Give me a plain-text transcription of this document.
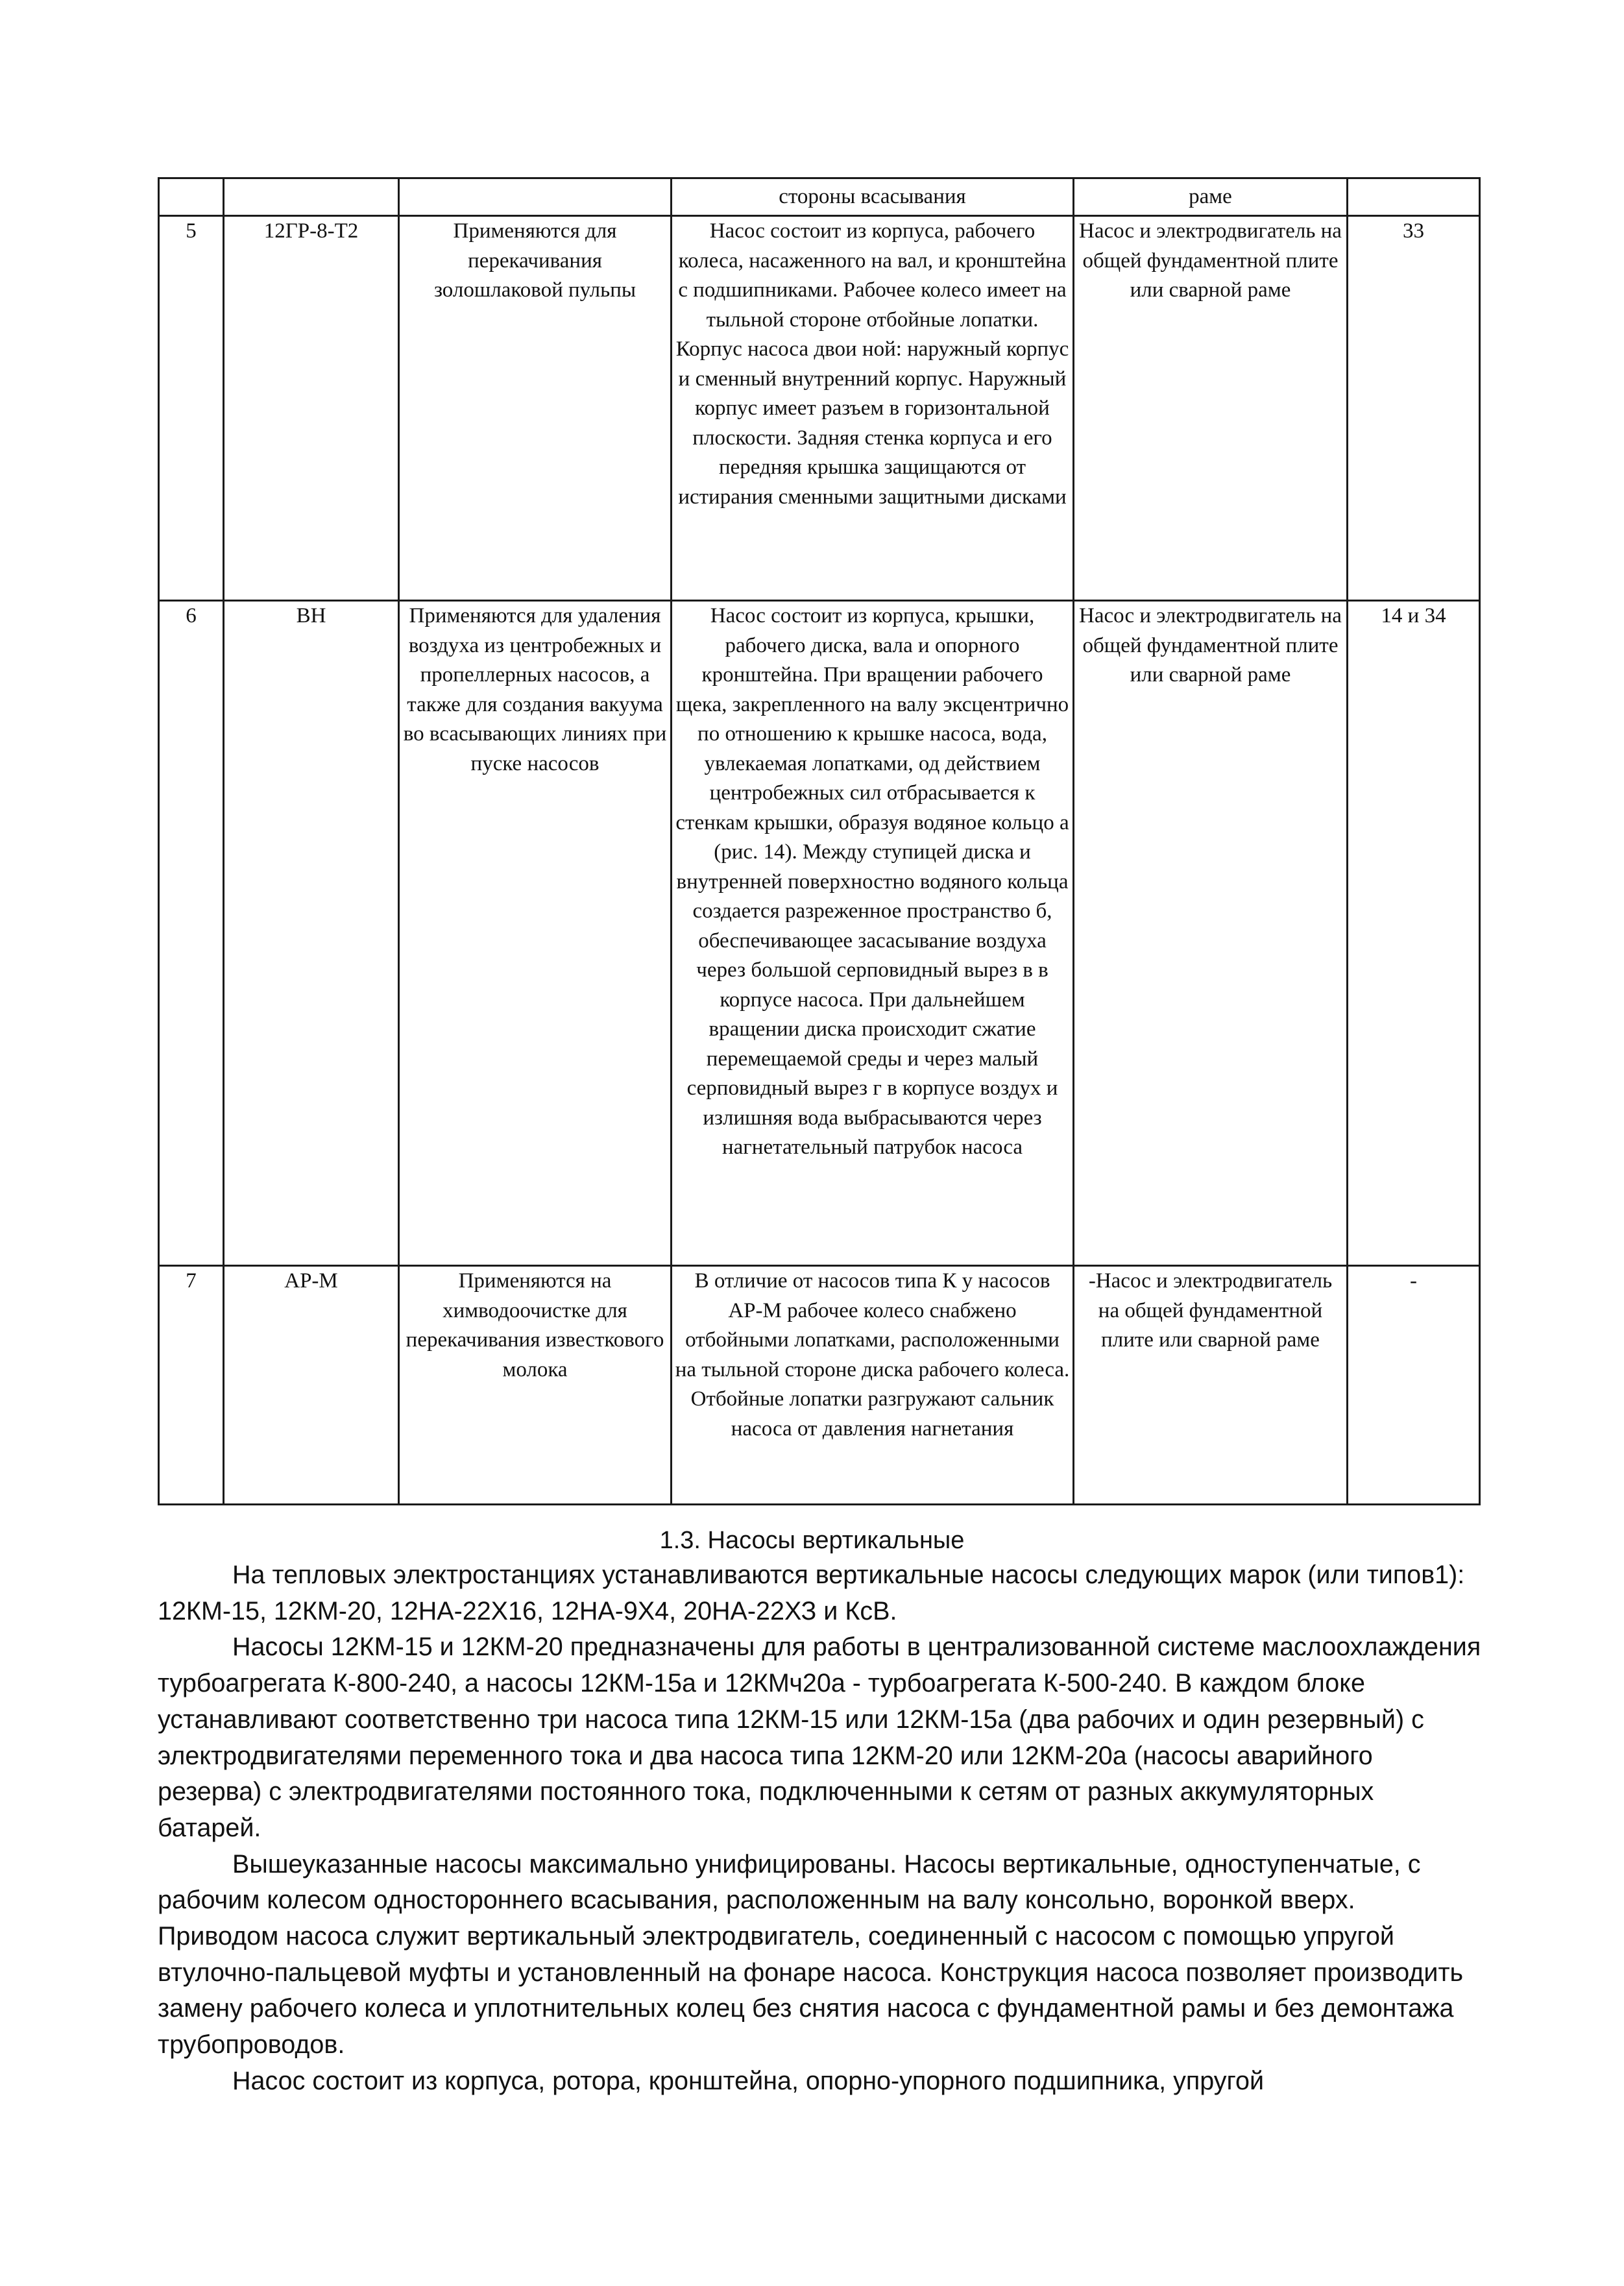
			стороны всасывания	раме	
5	12ГР-8-Т2	Применяются для перекачивания золошлаковой пульпы	Насос состоит из корпуса, рабочего колеса, насаженного на вал, и кронштейна с подшипниками. Рабочее колесо имеет на тыльной стороне отбойные лопатки. Корпус насоса двои ной: наружный корпус и сменный внутренний корпус. Наружный корпус имеет разъем в горизонтальной плоскости. Задняя стенка корпуса и его передняя крышка защищаются от истирания сменными защитными дисками	Насос и электродвигатель на общей фундаментной плите или сварной раме	33
6	ВН	Применяются для удаления воздуха из центробежных и пропеллерных насосов, а также для создания вакуума во всасывающих линиях при пуске насосов	Насос состоит из корпуса, крышки, рабочего диска, вала и опорного кронштейна. При вращении рабочего щека, закрепленного на валу эксцентрично по отношению к крышке насоса, вода, увлекаемая лопатками, од действием центробежных сил отбрасывается к стенкам крышки, образуя водяное кольцо а (рис. 14). Между ступицей диска и внутренней поверхностно водяного кольца создается разреженное пространство б, обеспечивающее засасывание воздуха через большой серповидный вырез в в корпусе насоса. При дальнейшем вращении диска происходит сжатие перемещаемой среды и через малый серповидный вырез г в корпусе воздух и излишняя вода выбрасываются через нагнетательный патрубок насоса	Насос и электродвигатель на общей фундаментной плите или сварной раме	14 и 34
7	АР-М	Применяются на химводоочистке для перекачивания известкового молока	В отличие от насосов типа К у насосов АР-М рабочее колесо снабжено отбойными лопатками, расположенными на тыльной стороне диска рабочего колеса. Отбойные лопатки разгружают сальник насоса от давления нагнетания	-Насос и электродвигатель на общей фундаментной плите или сварной раме	-
1.3. Насосы вертикальные

На тепловых электростанциях устанавливаются вертикальные насосы следующих марок (или типов1): 12КМ-15, 12КМ-20, 12НА-22Х16, 12НА-9Х4, 20НА-22ХЗ и КсВ.

Насосы 12КМ-15 и 12КМ-20 предназначены для работы в централизованной системе маслоохлаждения турбоагрегата К-800-240, а насосы 12КМ-15а и 12КМч20а - турбоагрегата К-500-240. В каждом блоке устанавливают соответственно три насоса типа 12КМ-15 или 12КМ-15а (два рабочих и один резервный) с электродвигателями переменного тока и два насоса типа 12КМ-20 или 12КМ-20а (насосы аварийного резерва) с электродвигателями постоянного тока, подключенными к сетям от разных аккумуляторных батарей.

Вышеуказанные насосы максимально унифицированы. Насосы вертикальные, одноступенчатые, с рабочим колесом одностороннего всасывания, расположенным на валу консольно, воронкой вверх. Приводом насоса служит вертикальный электродвигатель, соединенный с насосом с помощью упругой втулочно-пальцевой муфты и установленный на фонаре насоса. Конструкция насоса позволяет производить замену рабочего колеса и уплотнительных колец без снятия насоса с фундаментной рамы и без демонтажа трубопроводов.

Насос состоит из корпуса, ротора, кронштейна, опорно-упорного подшипника, упругой
